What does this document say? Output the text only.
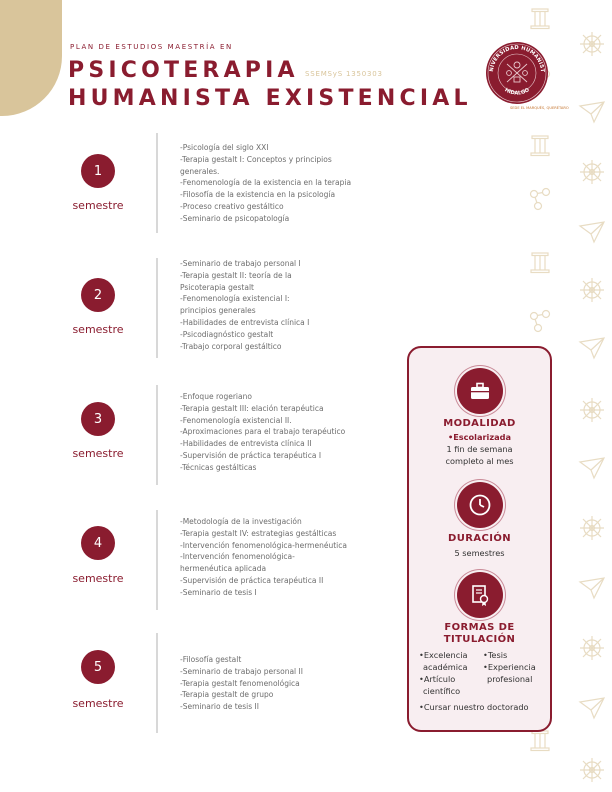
PLAN DE ESTUDIOS MAESTRÍA EN
PSICOTERAPIA
HUMANISTA EXISTENCIAL
SSEMSyS 1350303
NIVERSIDAD HUMANIST
HIDALGO
SEDE EL MARQUÉS, QUERÉTARO
1
semestre
-Psicología del siglo XXI
-Terapia gestalt I: Conceptos y principios
generales.
-Fenomenología de la existencia en la terapia
-Filosofía de la existencia en la psicología
-Proceso creativo gestáltico
-Seminario de psicopatología
2
semestre
-Seminario de trabajo personal I
-Terapia gestalt II: teoría de la
Psicoterapia gestalt
-Fenomenología existencial I:
principios generales
-Habilidades de entrevista clínica I
-Psicodiagnóstico gestalt
-Trabajo corporal gestáltico
3
semestre
-Enfoque rogeriano
-Terapia gestalt III: elación terapéutica
-Fenomenología existencial II.
-Aproximaciones para el trabajo terapéutico
-Habilidades de entrevista clínica II
-Supervisión de práctica terapéutica I
-Técnicas gestálticas
4
semestre
-Metodología de la investigación
-Terapia gestalt IV: estrategias gestálticas
-Intervención fenomenológica-hermenéutica
-Intervención fenomenológica-
hermenéutica aplicada
-Supervisión de práctica terapéutica II
-Seminario de tesis I
5
semestre
-Filosofía gestalt
-Seminario de trabajo personal II
-Terapia gestalt fenomenológica
-Terapia gestalt de grupo
-Seminario de tesis II
MODALIDAD
•Escolarizada
1 fin de semana
completo al mes
DURACIÓN
5 semestres
FORMAS DE
TITULACIÓN
•Excelencia
académica
•Artículo
científico
•Tesis
•Experiencia
profesional
•Cursar nuestro doctorado
